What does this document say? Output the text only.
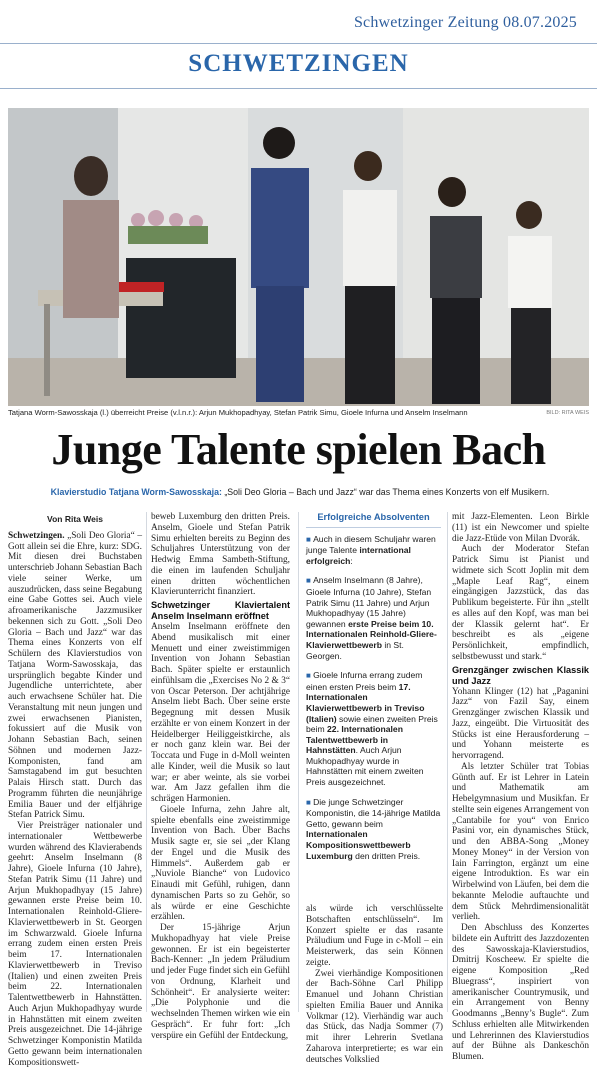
Schwetzinger Zeitung 08.07.2025
SCHWETZINGEN
Tatjana Worm-Sawosskaja (l.) überreicht Preise (v.l.n.r.): Arjun Mukhopadhyay, Stefan Patrik Simu, Gioele Infurna und Anselm Inselmann	BILD: RITA WEIS
Junge Talente spielen Bach
Klavierstudio Tatjana Worm-Sawosskaja: „Soli Deo Gloria – Bach und Jazz“ war das Thema eines Konzerts von elf Musikern.
Von Rita Weis

Schwetzingen. „Soli Deo Gloria“ – Gott allein sei die Ehre, kurz: SDG. Mit diesen drei Buchstaben unterschrieb Johann Sebastian Bach viele seiner Werke, um auszudrücken, dass seine Begabung eine Gabe Gottes sei. Auch viele afroamerikanische Jazzmusiker bekennen sich zu Gott. „Soli Deo Gloria – Bach und Jazz“ war das Thema eines Konzerts von elf Schülern des Klavierstudios von Tatjana Worm-Sawosskaja, das ursprünglich begabte Kinder und Jugendliche unterrichtete, aber auch erwachsene Schüler hat. Die Veranstaltung mit neun jungen und zwei erwachsenen Pianisten, fokussiert auf die Musik von Johann Sebastian Bach, seinen Söhnen und modernen Jazz-Komponisten, fand am Samstagabend im gut besuchten Palais Hirsch statt. Durch das Programm führten die neunjährige Emilia Bauer und der elfjährige Stefan Patrick Simu.

Vier Preisträger nationaler und internationaler Wettbewerbe wurden während des Klavierabends geehrt: Anselm Inselmann (8 Jahre), Gioele Infurna (10 Jahre), Stefan Patrik Simu (11 Jahre) und Arjun Mukhopadhyay (15 Jahre) gewannen erste Preise beim 10. Internationalen Reinhold-Gliere-Klavierwettbewerb in St. Georgen im Schwarzwald. Gioele Infurna errang zudem einen ersten Preis beim 17. Internationalen Klavierwettbewerb in Treviso (Italien) und einen zweiten Preis beim 22. Internationalen Talentwettbewerb in Hahnstätten. Auch Arjun Mukhopadhyay wurde in Hahnstätten mit einem zweiten Preis ausgezeichnet. Die 14-jährige Schwetzinger Komponistin Matilda Getto gewann beim internationalen Kompositionswett-

beweb Luxemburg den dritten Preis. Anselm, Gioele und Stefan Patrik Simu erhielten bereits zu Beginn des Schuljahres Unterstützung von der Hedwig Emma Sambeth-Stiftung, die einen im laufenden Schuljahr einen dritten wöchentlichen Klavierunterricht finanziert.

Schwetzinger Klaviertalent Anselm Inselmann eröffnet

Anselm Inselmann eröffnete den Abend musikalisch mit einer Menuett und einer zweistimmigen Invention von Johann Sebastian Bach. Später spielte er erstaunlich einfühlsam die „Exercises No 2 & 3“ von Oscar Peterson. Der achtjährige Anselm liebt Bach. Über seine erste Begegnung mit dessen Musik erzählte er von einem Konzert in der Heidelberger Heiliggeistkirche, als er noch ganz klein war. Bei der Toccata und Fuge in d-Moll weinten alle Kinder, weil die Musik so laut war; er aber weinte, als sie vorbei war. Am Jazz gefallen ihm die schrägen Harmonien.

Gioele Infurna, zehn Jahre alt, spielte ebenfalls eine zweistimmige Invention von Bach. Über Bachs Musik sagte er, sie sei „der Klang der Engel und die Musik des Himmels“. Außerdem gab er „Nuviole Bianche“ von Ludovico Einaudi mit Gefühl, ruhigen, dann dynamischen Parts so zu Gehör, so als würde er eine Geschichte erzählen.

Der 15-jährige Arjun Mukhopadhyay hat viele Preise gewonnen. Er ist ein begeisterter Bach-Kenner: „In jedem Präludium und jeder Fuge findet sich ein Gefühl von Ordnung, Klarheit und Schönheit“. Er analysierte weiter: „Die Polyphonie und die wechselnden Themen wirken wie ein Gespräch“. Er fuhr fort: „Ich verspüre ein Gefühl der Entdeckung,

Erfolgreiche Absolventen
■ Auch in diesem Schuljahr waren junge Talente international erfolgreich:
■ Anselm Inselmann (8 Jahre), Gioele Infurna (10 Jahre), Stefan Patrik Simu (11 Jahre) und Arjun Mukhopadhyay (15 Jahre) gewannen erste Preise beim 10. Internationalen Reinhold-Gliere-Klavierwettbewerb in St. Georgen.
■ Gioele Infurna errang zudem einen ersten Preis beim 17. Internationalen Klavierwettbewerb in Treviso (Italien) sowie einen zweiten Preis beim 22. Internationalen Talentwettbewerb in Hahnstätten. Auch Arjun Mukhopadhyay wurde in Hahnstätten mit einem zweiten Preis ausgezeichnet.
■ Die junge Schwetzinger Komponistin, die 14-jährige Matilda Getto, gewann beim Internationalen Kompositionswettbewerb Luxemburg den dritten Preis.

als würde ich verschlüsselte Botschaften entschlüsseln“. Im Konzert spielte er das rasante Präludium und Fuge in c-Moll – ein Meisterwerk, das sein Können zeigte.

Zwei vierhändige Kompositionen der Bach-Söhne Carl Philipp Emanuel und Johann Christian spielten Emilia Bauer und Annika Volkmar (12). Vierhändig war auch das Stück, das Nadja Sommer (7) mit ihrer Lehrerin Svetlana Zaharova interpretierte; es war ein deutsches Volkslied

mit Jazz-Elementen. Leon Birkle (11) ist ein Newcomer und spielte die Jazz-Etüde von Milan Dvorák.

Auch der Moderator Stefan Patrick Simu ist Pianist und widmete sich Scott Joplin mit dem „Maple Leaf Rag“, einem eingängigen Jazzstück, das das Publikum begeisterte. Für ihn „stellt es alles auf den Kopf, was man bei der Klassik gelernt hat“. Er beschreibt es als „eigene Persönlichkeit, empfindlich, selbstbewusst und stark.“

Grenzgänger zwischen Klassik und Jazz

Yohann Klinger (12) hat „Paganini Jazz“ von Fazil Say, einem Grenzgänger zwischen Klassik und Jazz, eingeübt. Die Virtuosität des Stücks ist eine Herausforderung – und Yohann meisterte es hervorragend.

Als letzter Schüler trat Tobias Günth auf. Er ist Lehrer in Latein und Mathematik am Hebelgymnasium und Musikfan. Er stellte sein eigenes Arrangement von „Cantabile for you“ von Enrico Pasini vor, ein dynamisches Stück, und den ABBA-Song „Money Money Money“ in der Version von Iain Farrington, ergänzt um eine eigene Introduktion. Es war ein Wirbelwind von Läufen, bei dem die bekannte Melodie auftauchte und dem Stück Mehrdimensionalität verlieh.

Den Abschluss des Konzertes bildete ein Auftritt des Jazzdozenten des Sawosskaja-Klavierstudios, Dmitrij Koscheew. Er spielte die eigene Komposition „Red Bluegrass“, inspiriert von amerikanischer Countrymusik, und ein Arrangement von Benny Goodmanns „Benny’s Bugle“. Zum Schluss erhielten alle Mitwirkenden und Lehrerinnen des Klavierstudios auf der Bühne als Dankeschön Blumen.
